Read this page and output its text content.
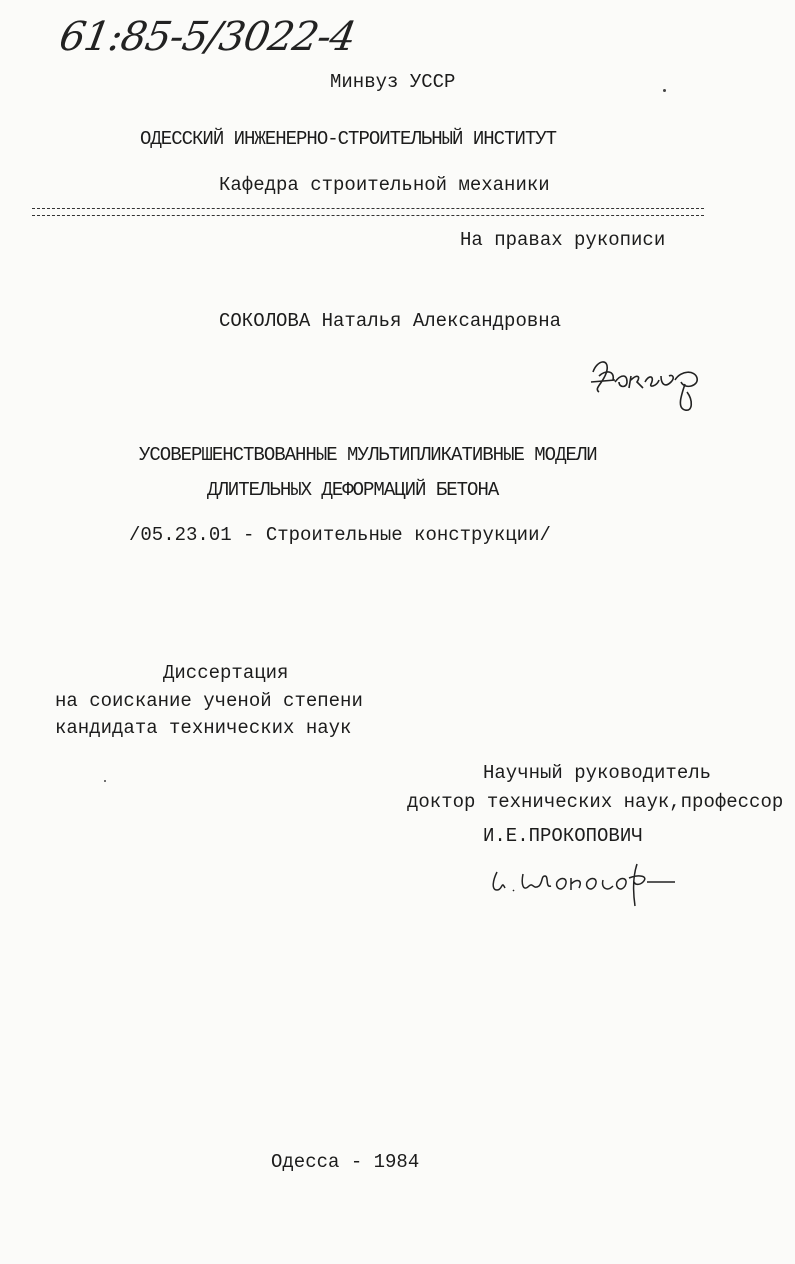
61:85-5/3022-4
Минвуз УССР
ОДЕССКИЙ ИНЖЕНЕРНО-СТРОИТЕЛЬНЫЙ ИНСТИТУТ
Кафедра строительной механики
На правах рукописи
СОКОЛОВА Наталья Александровна
УСОВЕРШЕНСТВОВАННЫЕ МУЛЬТИПЛИКАТИВНЫЕ МОДЕЛИ
ДЛИТЕЛЬНЫХ ДЕФОРМАЦИЙ БЕТОНА
/05.23.01 - Строительные конструкции/
Диссертация
на соискание ученой степени
кандидата технических наук
Научный руководитель
доктор технических наук,профессор
И.Е.ПРОКОПОВИЧ
Одесса - 1984
